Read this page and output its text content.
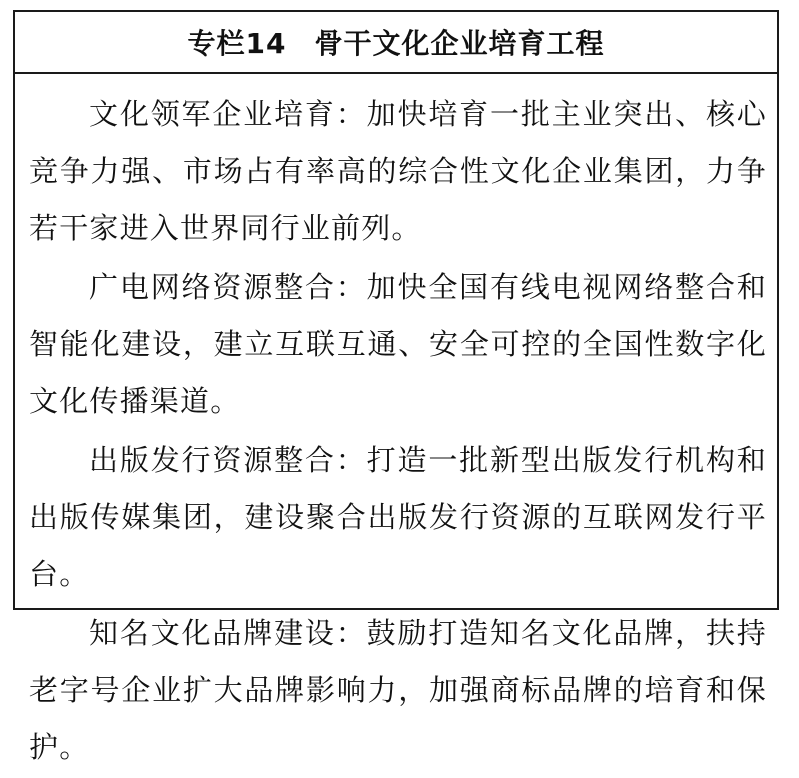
专栏14 骨干文化企业培育工程

文化领军企业培育：加快培育一批主业突出、核心竞争力强、市场占有率高的综合性文化企业集团，力争若干家进入世界同行业前列。

广电网络资源整合：加快全国有线电视网络整合和智能化建设，建立互联互通、安全可控的全国性数字化文化传播渠道。

出版发行资源整合：打造一批新型出版发行机构和出版传媒集团，建设聚合出版发行资源的互联网发行平台。

知名文化品牌建设：鼓励打造知名文化品牌，扶持老字号企业扩大品牌影响力，加强商标品牌的培育和保护。
